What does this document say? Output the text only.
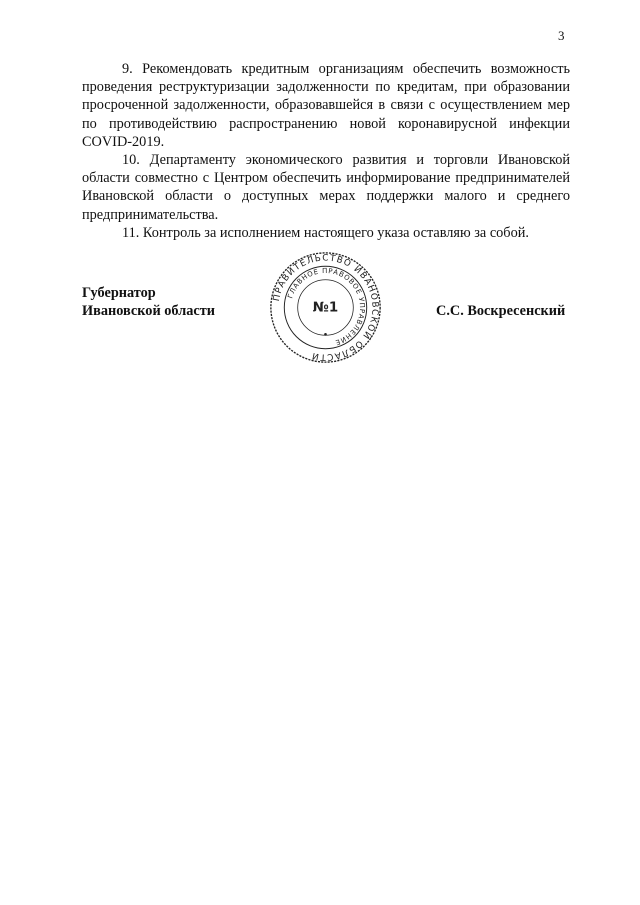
3

9. Рекомендовать кредитным организациям обеспечить возможность проведения реструктуризации задолженности по кредитам, при образовании просроченной задолженности, образовавшейся в связи с осуществлением мер по противодействию распространению новой коронавирусной инфекции COVID-2019.

10. Департаменту экономического развития и торговли Ивановской области совместно с Центром обеспечить информирование предпринимателей Ивановской области о доступных мерах поддержки малого и среднего предпринимательства.

11. Контроль за исполнением настоящего указа оставляю за собой.

Губернатор
Ивановской области
ПРАВИТЕЛЬСТВО ИВАНОВСКОЙ ОБЛАСТИ
ГЛАВНОЕ ПРАВОВОЕ УПРАВЛЕНИЕ
№1	С.С. Воскресенский
